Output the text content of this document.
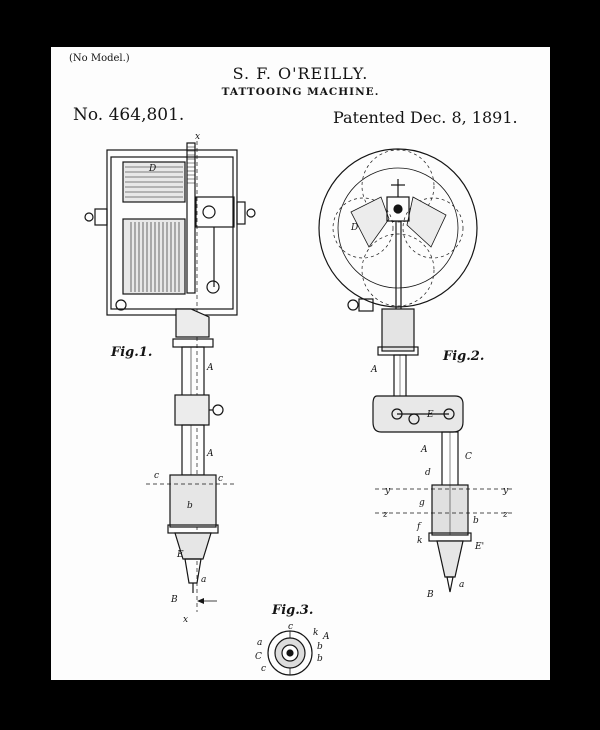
(No Model.)
S. F. O'REILLY.
TATTOOING MACHINE.
No. 464,801.	Patented Dec. 8, 1891.
Fig.1.	Fig.2.
Fig.3.
x
D
A
A
c	c
b
E
a
B
x
D
A
E
A
d
C
y	y
g
z	z
b
f
k
E'
a
B
c
k A
a	b
C	b
c
